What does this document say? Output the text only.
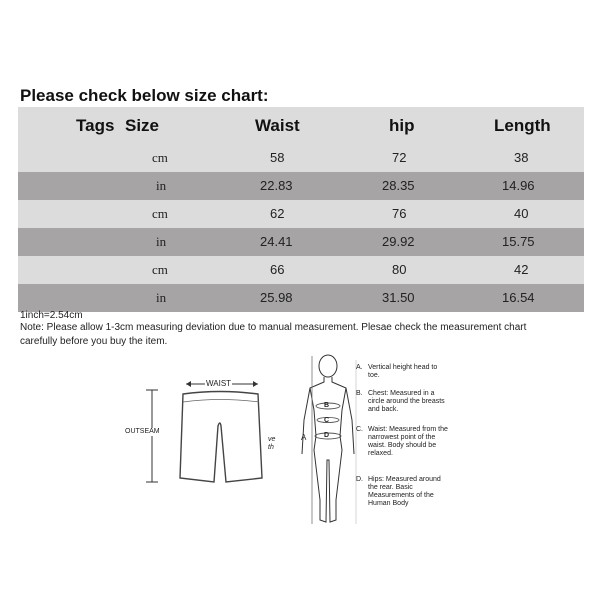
Please check below size chart:
Tags Size	Waist	hip	Length
cm	58	72	38
in	22.83	28.35	14.96
cm	62	76	40
in	24.41	29.92	15.75
cm	66	80	42
in	25.98	31.50	16.54
1inch=2.54cm
Note: Please allow 1-3cm measuring deviation due to manual measurement. Plesae check the measurement chart
carefully before you buy the item.
WAIST
OUTSEAM
ve th
A
B
C
D
A. Vertical height head to toe.
B. Chest: Measured in a circle around the breasts and back.
C. Waist: Measured from the narrowest point of the waist. Body should be relaxed.
D. Hips: Measured around the rear. Basic Measurements of the Human Body
